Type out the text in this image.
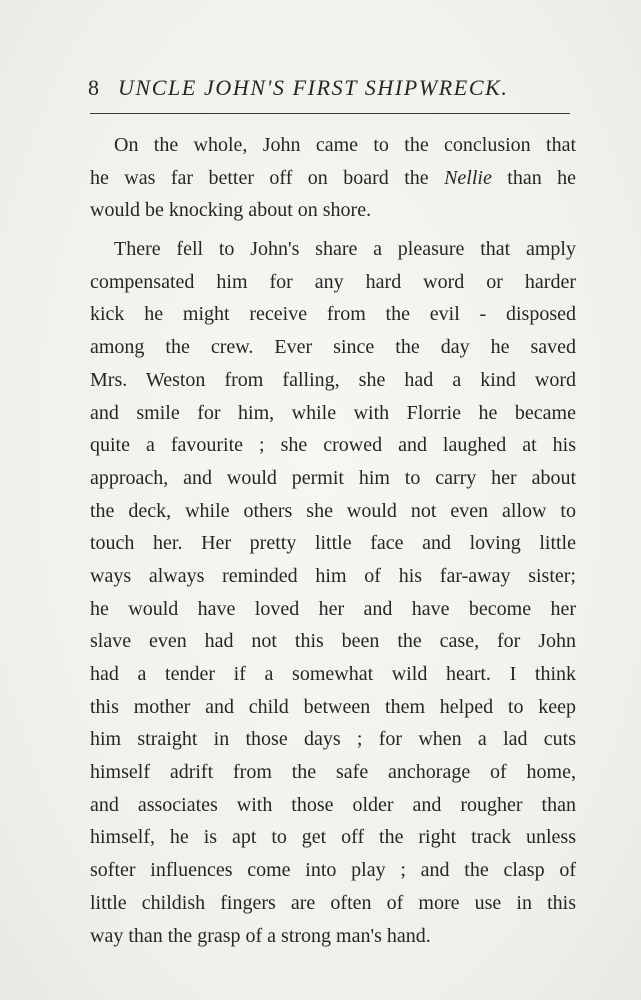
8 UNCLE JOHN'S FIRST SHIPWRECK.
On the whole, John came to the conclusion that
he was far better off on board the Nellie than he
would be knocking about on shore.
There fell to John's share a pleasure that amply
compensated him for any hard word or harder
kick he might receive from the evil - disposed
among the crew. Ever since the day he saved
Mrs. Weston from falling, she had a kind word
and smile for him, while with Florrie he became
quite a favourite ; she crowed and laughed at his
approach, and would permit him to carry her about
the deck, while others she would not even allow to
touch her. Her pretty little face and loving little
ways always reminded him of his far-away sister;
he would have loved her and have become her
slave even had not this been the case, for John
had a tender if a somewhat wild heart. I think
this mother and child between them helped to keep
him straight in those days ; for when a lad cuts
himself adrift from the safe anchorage of home,
and associates with those older and rougher than
himself, he is apt to get off the right track unless
softer influences come into play ; and the clasp of
little childish fingers are often of more use in this
way than the grasp of a strong man's hand.
